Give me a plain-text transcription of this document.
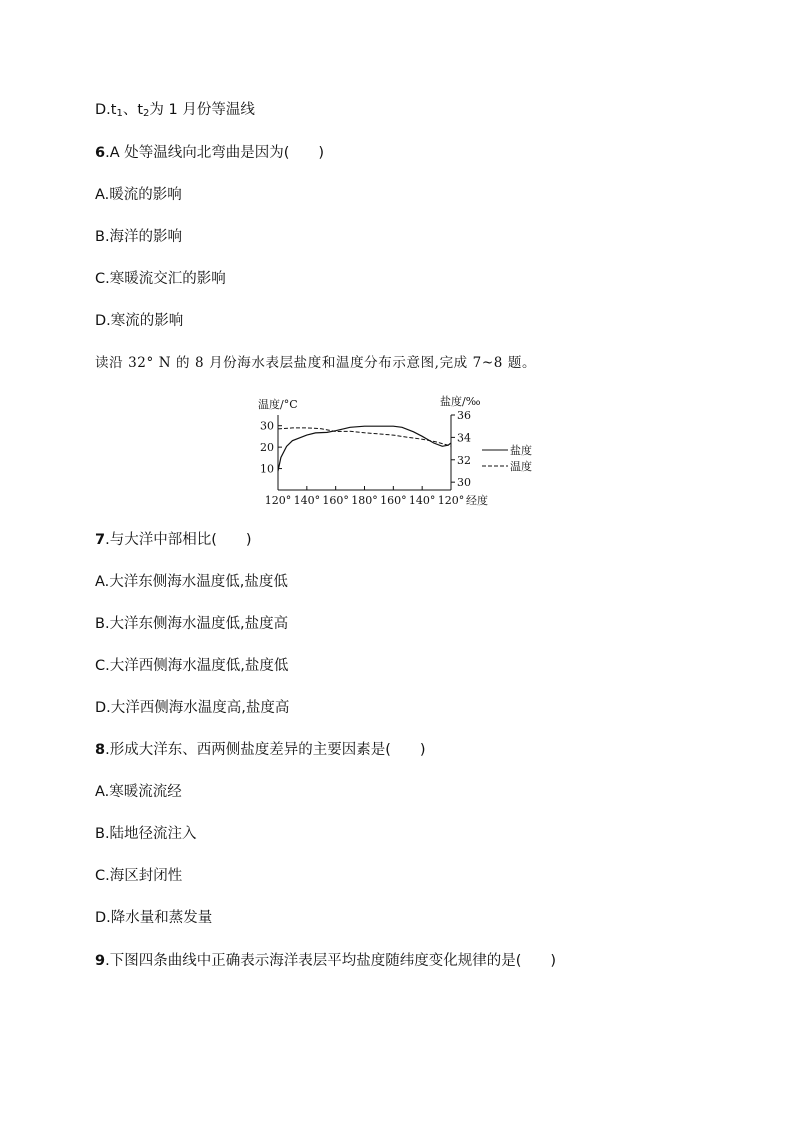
$D.t_1$、$t_2$为 1 月份等温线
6.A 处等温线向北弯曲是因为(　　)
A.暖流的影响
B.海洋的影响
C.寒暖流交汇的影响
D.寒流的影响
读沿 32° N 的 8 月份海水表层盐度和温度分布示意图,完成 7~8 题。
温度/°C	盐度/‰
10
20
30
30
32
34
36
120° 140° 160° 180° 160° 140° 120° 经度
盐度
温度
7.与大洋中部相比(　　)
A.大洋东侧海水温度低,盐度低
B.大洋东侧海水温度低,盐度高
C.大洋西侧海水温度低,盐度低
D.大洋西侧海水温度高,盐度高
8.形成大洋东、西两侧盐度差异的主要因素是(　　)
A.寒暖流流经
B.陆地径流注入
C.海区封闭性
D.降水量和蒸发量
9.下图四条曲线中正确表示海洋表层平均盐度随纬度变化规律的是(　　)
